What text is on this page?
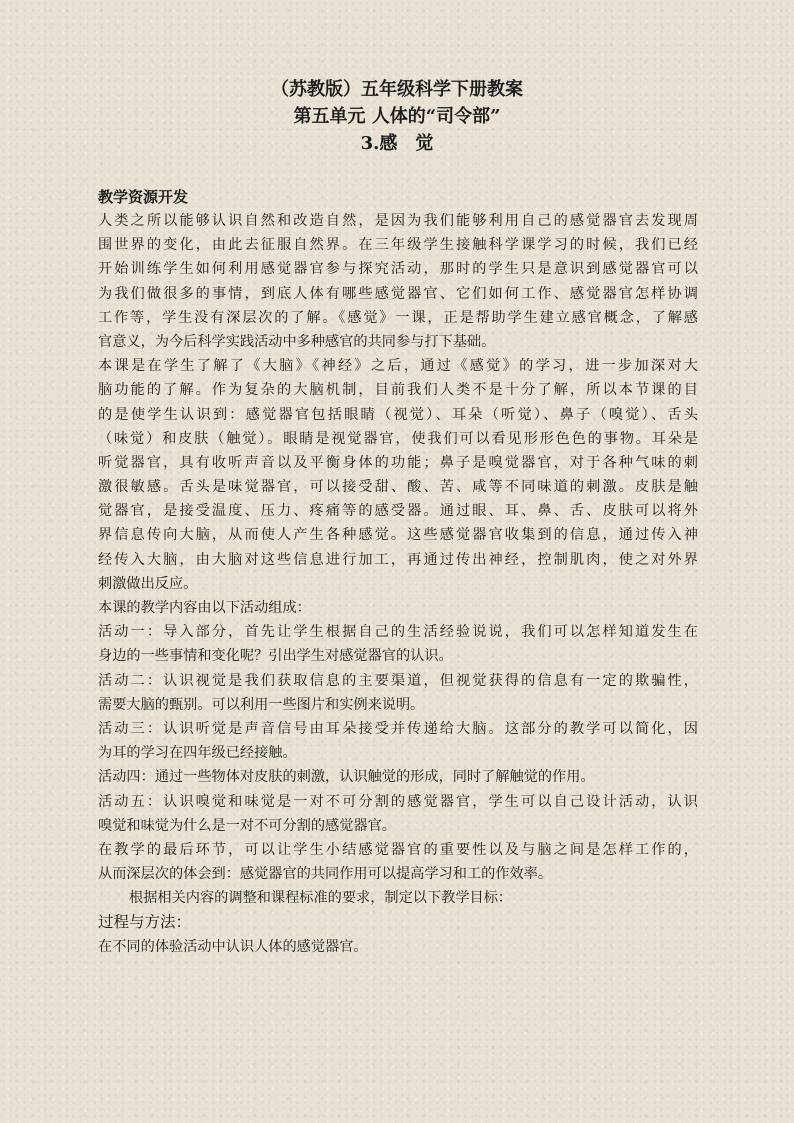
（苏教版）五年级科学下册教案
第五单元 人体的“司令部”
3.感　觉

教学资源开发

人类之所以能够认识自然和改造自然，是因为我们能够利用自己的感觉器官去发现周

围世界的变化，由此去征服自然界。在三年级学生接触科学课学习的时候，我们已经

开始训练学生如何利用感觉器官参与探究活动，那时的学生只是意识到感觉器官可以

为我们做很多的事情，到底人体有哪些感觉器官、它们如何工作、感觉器官怎样协调

工作等，学生没有深层次的了解。《感觉》一课，正是帮助学生建立感官概念，了解感

官意义，为今后科学实践活动中多种感官的共同参与打下基础。

本课是在学生了解了《大脑》《神经》之后，通过《感觉》的学习，进一步加深对大

脑功能的了解。作为复杂的大脑机制，目前我们人类不是十分了解，所以本节课的目

的是使学生认识到：感觉器官包括眼睛（视觉）、耳朵（听觉）、鼻子（嗅觉）、舌头

（味觉）和皮肤（触觉）。眼睛是视觉器官，使我们可以看见形形色色的事物。耳朵是

听觉器官，具有收听声音以及平衡身体的功能；鼻子是嗅觉器官，对于各种气味的刺

激很敏感。舌头是味觉器官，可以接受甜、酸、苦、咸等不同味道的刺激。皮肤是触

觉器官，是接受温度、压力、疼痛等的感受器。通过眼、耳、鼻、舌、皮肤可以将外

界信息传向大脑，从而使人产生各种感觉。这些感觉器官收集到的信息，通过传入神

经传入大脑，由大脑对这些信息进行加工，再通过传出神经，控制肌肉，使之对外界

刺激做出反应。

本课的教学内容由以下活动组成：

活动一：导入部分，首先让学生根据自己的生活经验说说，我们可以怎样知道发生在

身边的一些事情和变化呢？引出学生对感觉器官的认识。

活动二：认识视觉是我们获取信息的主要渠道，但视觉获得的信息有一定的欺骗性，

需要大脑的甄别。可以利用一些图片和实例来说明。

活动三：认识听觉是声音信号由耳朵接受并传递给大脑。这部分的教学可以简化，因

为耳的学习在四年级已经接触。

活动四：通过一些物体对皮肤的刺激，认识触觉的形成，同时了解触觉的作用。

活动五：认识嗅觉和味觉是一对不可分割的感觉器官，学生可以自己设计活动，认识

嗅觉和味觉为什么是一对不可分割的感觉器官。

在教学的最后环节，可以让学生小结感觉器官的重要性以及与脑之间是怎样工作的，

从而深层次的体会到：感觉器官的共同作用可以提高学习和工的作效率。

根据相关内容的调整和课程标准的要求，制定以下教学目标：

过程与方法：

在不同的体验活动中认识人体的感觉器官。
